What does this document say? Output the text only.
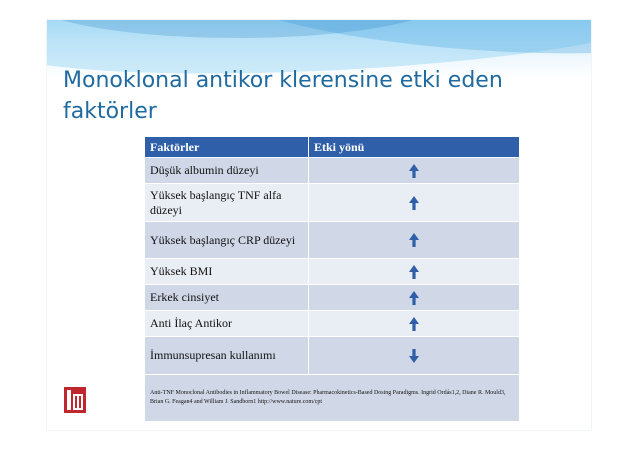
Monoklonal antikor klerensine etki eden faktörler
Faktörler	Etki yönü
Düşük albumin düzeyi	

Yüksek başlangıç TNF alfa düzeyi	

Yüksek başlangıç CRP düzeyi	

Yüksek BMI	

Erkek cinsiyet	

Anti İlaç Antikor	

İmmunsupresan kullanımı	

Anti-TNF Monoclonal Antibodies in Inflammatory Bowel Disease: Pharmacokinetics-Based Dosing Paradigms. Ingrid Ordás1,2, Diane R. Mould3, Brian G. Feagan4 and William J. Sandborn1 http://www.nature.com/cpt	
